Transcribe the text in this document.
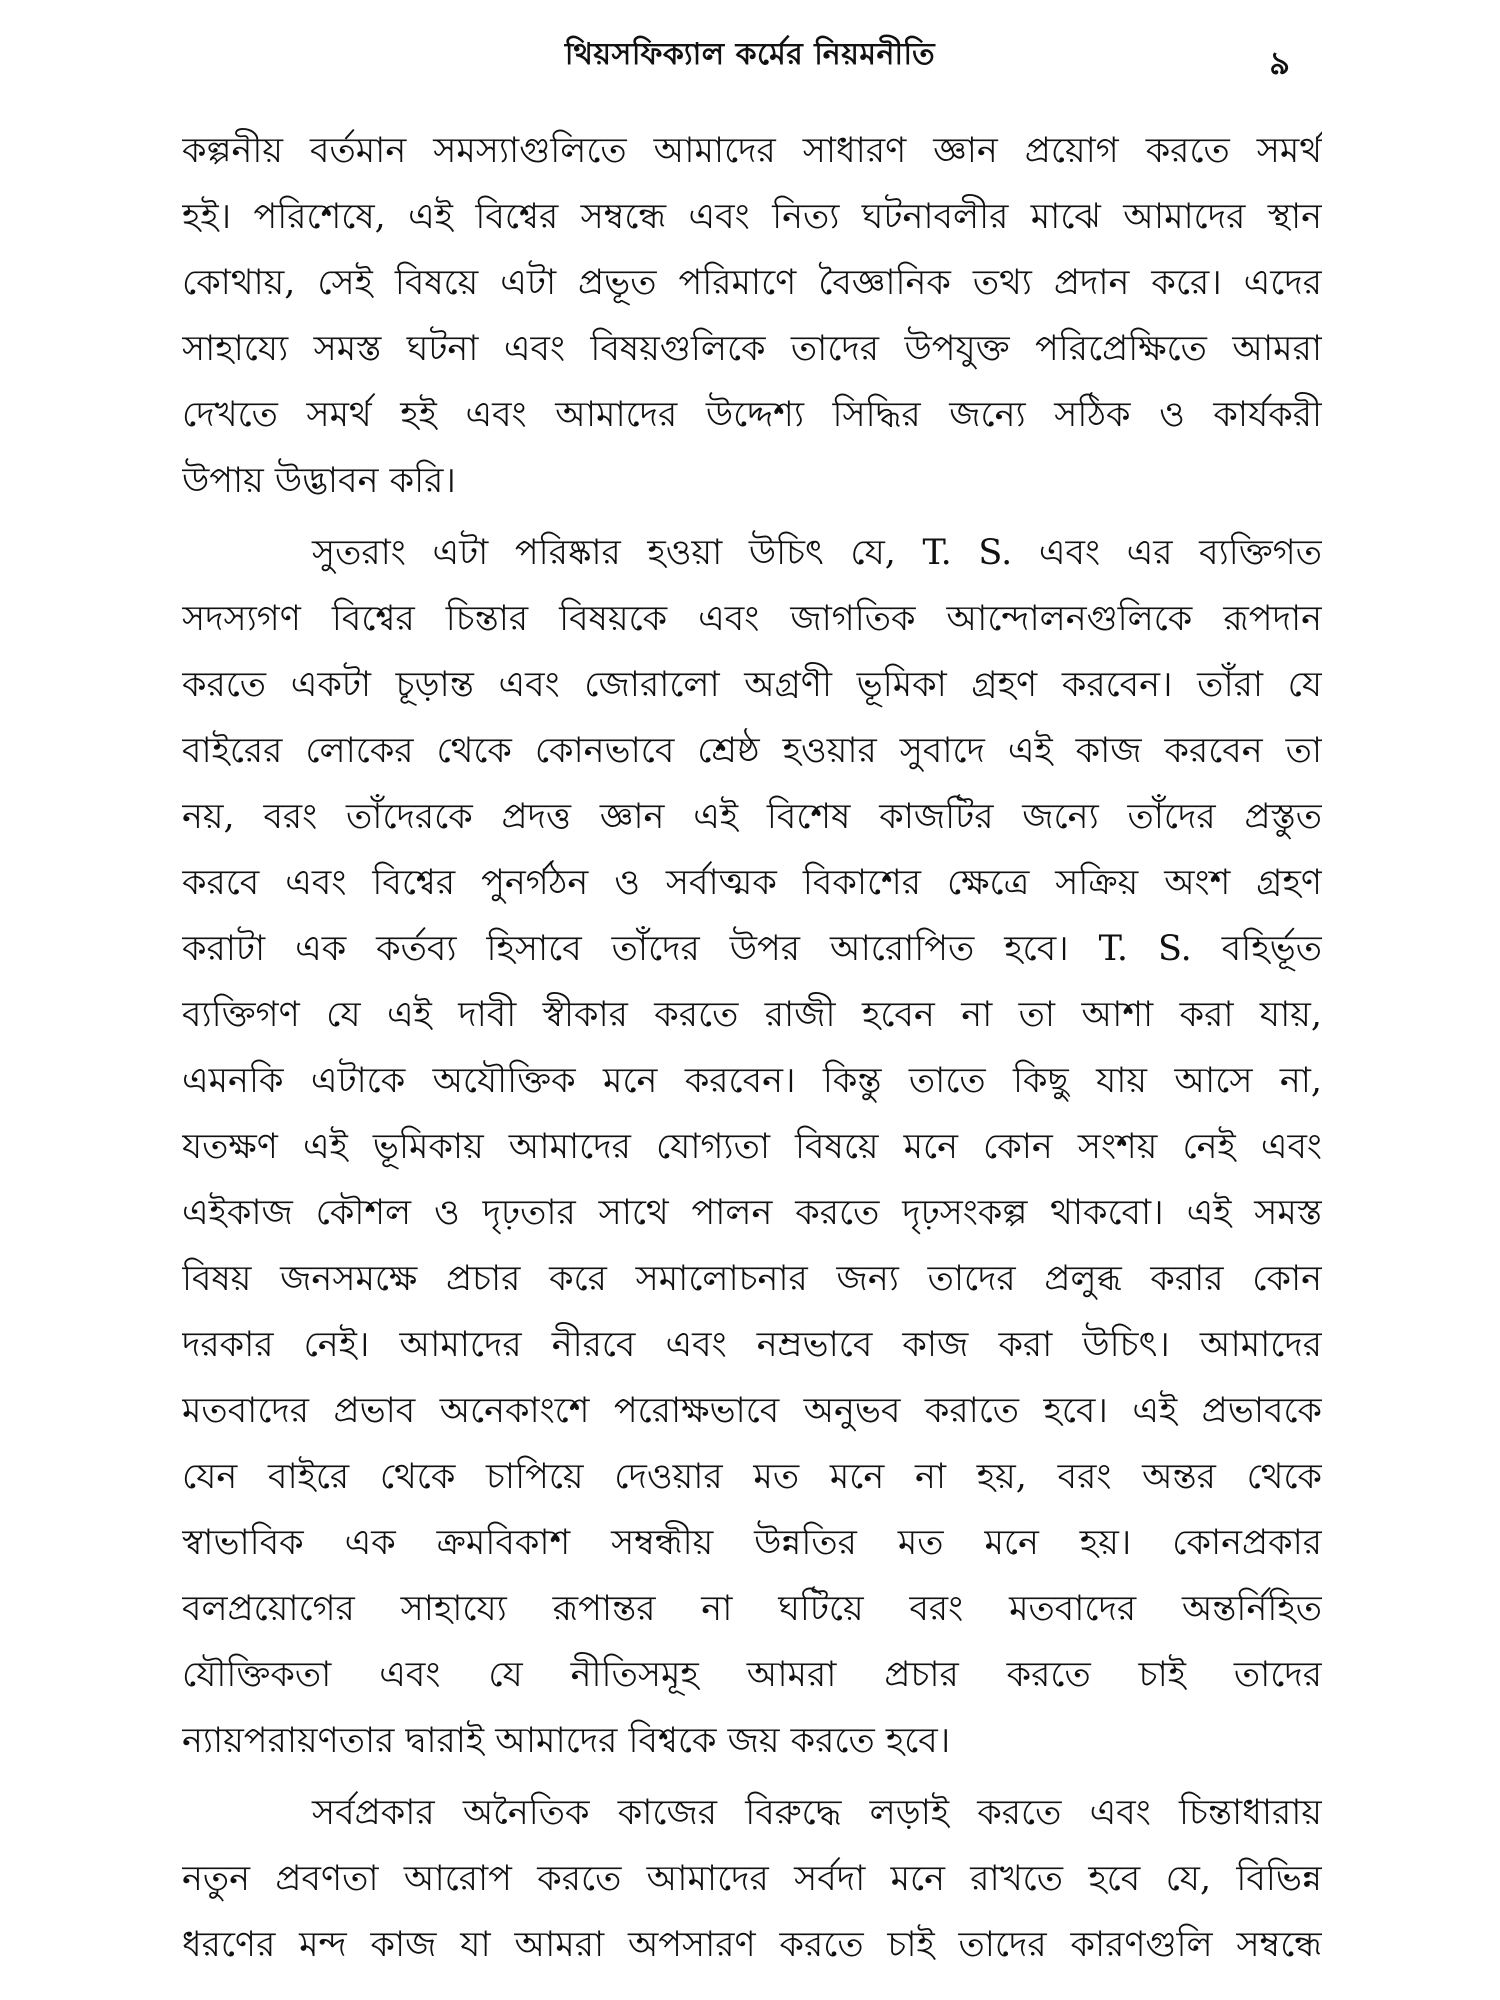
থিয়সফিক্যাল কর্মের নিয়মনীতি	৯
কল্পনীয় বর্তমান সমস্যাগুলিতে আমাদের সাধারণ জ্ঞান প্রয়োগ করতে সমর্থ
হই। পরিশেষে, এই বিশ্বের সম্বন্ধে এবং নিত্য ঘটনাবলীর মাঝে আমাদের স্থান
কোথায়, সেই বিষয়ে এটা প্রভূত পরিমাণে বৈজ্ঞানিক তথ্য প্রদান করে। এদের
সাহায্যে সমস্ত ঘটনা এবং বিষয়গুলিকে তাদের উপযুক্ত পরিপ্রেক্ষিতে আমরা
দেখতে সমর্থ হই এবং আমাদের উদ্দেশ্য সিদ্ধির জন্যে সঠিক ও কার্যকরী
উপায় উদ্ভাবন করি।
সুতরাং এটা পরিষ্কার হওয়া উচিৎ যে, T. S. এবং এর ব্যক্তিগত
সদস্যগণ বিশ্বের চিন্তার বিষয়কে এবং জাগতিক আন্দোলনগুলিকে রূপদান
করতে একটা চূড়ান্ত এবং জোরালো অগ্রণী ভূমিকা গ্রহণ করবেন। তাঁরা যে
বাইরের লোকের থেকে কোনভাবে শ্রেষ্ঠ হওয়ার সুবাদে এই কাজ করবেন তা
নয়, বরং তাঁদেরকে প্রদত্ত জ্ঞান এই বিশেষ কাজটির জন্যে তাঁদের প্রস্তুত
করবে এবং বিশ্বের পুনর্গঠন ও সর্বাত্মক বিকাশের ক্ষেত্রে সক্রিয় অংশ গ্রহণ
করাটা এক কর্তব্য হিসাবে তাঁদের উপর আরোপিত হবে। T. S. বহির্ভূত
ব্যক্তিগণ যে এই দাবী স্বীকার করতে রাজী হবেন না তা আশা করা যায়,
এমনকি এটাকে অযৌক্তিক মনে করবেন। কিন্তু তাতে কিছু যায় আসে না,
যতক্ষণ এই ভূমিকায় আমাদের যোগ্যতা বিষয়ে মনে কোন সংশয় নেই এবং
এইকাজ কৌশল ও দৃঢ়তার সাথে পালন করতে দৃঢ়সংকল্প থাকবো। এই সমস্ত
বিষয় জনসমক্ষে প্রচার করে সমালোচনার জন্য তাদের প্রলুব্ধ করার কোন
দরকার নেই। আমাদের নীরবে এবং নম্রভাবে কাজ করা উচিৎ। আমাদের
মতবাদের প্রভাব অনেকাংশে পরোক্ষভাবে অনুভব করাতে হবে। এই প্রভাবকে
যেন বাইরে থেকে চাপিয়ে দেওয়ার মত মনে না হয়, বরং অন্তর থেকে
স্বাভাবিক এক ক্রমবিকাশ সম্বন্ধীয় উন্নতির মত মনে হয়। কোনপ্রকার
বলপ্রয়োগের সাহায্যে রূপান্তর না ঘটিয়ে বরং মতবাদের অন্তর্নিহিত
যৌক্তিকতা এবং যে নীতিসমূহ আমরা প্রচার করতে চাই তাদের
ন্যায়পরায়ণতার দ্বারাই আমাদের বিশ্বকে জয় করতে হবে।
সর্বপ্রকার অনৈতিক কাজের বিরুদ্ধে লড়াই করতে এবং চিন্তাধারায়
নতুন প্রবণতা আরোপ করতে আমাদের সর্বদা মনে রাখতে হবে যে, বিভিন্ন
ধরণের মন্দ কাজ যা আমরা অপসারণ করতে চাই তাদের কারণগুলি সম্বন্ধে
